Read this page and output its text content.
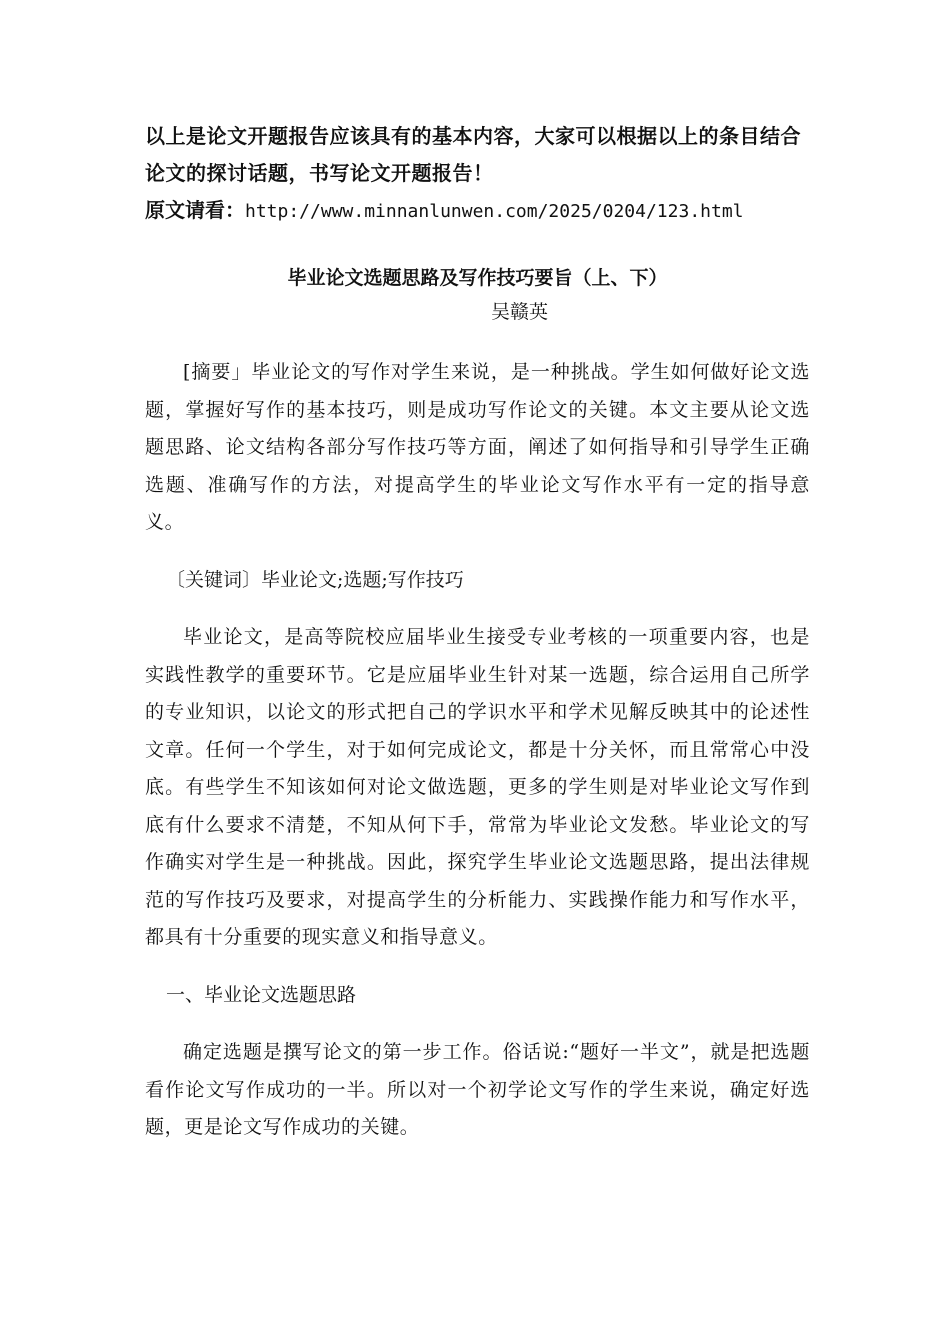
以上是论文开题报告应该具有的基本内容，大家可以根据以上的条目结合论文的探讨话题，书写论文开题报告！

原文请看：http://www.minnanlunwen.com/2025/0204/123.html

毕业论文选题思路及写作技巧要旨（上、下）

吴赣英

[摘要」毕业论文的写作对学生来说，是一种挑战。学生如何做好论文选题，掌握好写作的基本技巧，则是成功写作论文的关键。本文主要从论文选题思路、论文结构各部分写作技巧等方面，阐述了如何指导和引导学生正确选题、准确写作的方法，对提高学生的毕业论文写作水平有一定的指导意义。

〔关键词〕毕业论文;选题;写作技巧

毕业论文，是高等院校应届毕业生接受专业考核的一项重要内容，也是实践性教学的重要环节。它是应届毕业生针对某一选题，综合运用自己所学的专业知识，以论文的形式把自己的学识水平和学术见解反映其中的论述性文章。任何一个学生，对于如何完成论文，都是十分关怀，而且常常心中没底。有些学生不知该如何对论文做选题，更多的学生则是对毕业论文写作到底有什么要求不清楚，不知从何下手，常常为毕业论文发愁。毕业论文的写作确实对学生是一种挑战。因此，探究学生毕业论文选题思路，提出法律规范的写作技巧及要求，对提高学生的分析能力、实践操作能力和写作水平，都具有十分重要的现实意义和指导意义。

一、毕业论文选题思路

确定选题是撰写论文的第一步工作。俗话说:“题好一半文”，就是把选题看作论文写作成功的一半。所以对一个初学论文写作的学生来说，确定好选题，更是论文写作成功的关键。
